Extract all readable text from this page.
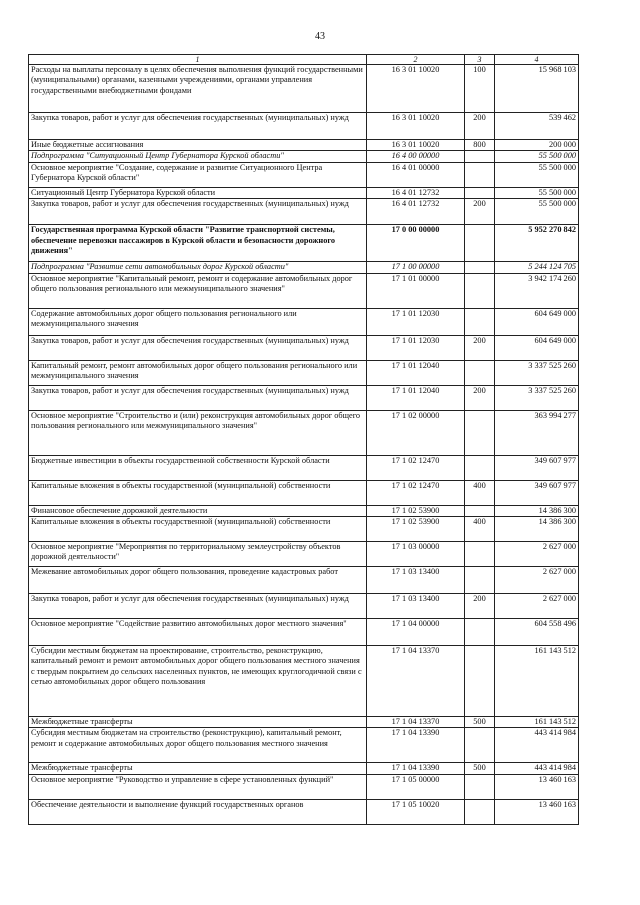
43
1	2	3	4
Расходы на выплаты персоналу в целях обеспечения выполнения функций государственными (муниципальными) органами, казенными учреждениями, органами управления государственными внебюджетными фондами	16 3 01 10020	100	15 968 103
Закупка товаров, работ и услуг для обеспечения государственных (муниципальных) нужд	16 3 01 10020	200	539 462
Иные бюджетные ассигнования	16 3 01 10020	800	200 000
Подпрограмма "Ситуационный Центр Губернатора Курской области"	16 4 00 00000		55 500 000
Основное мероприятие "Создание, содержание и развитие Ситуационного Центра Губернатора Курской области"	16 4 01 00000		55 500 000
Ситуационный Центр Губернатора Курской области	16 4 01 12732		55 500 000
Закупка товаров, работ и услуг для обеспечения государственных (муниципальных) нужд	16 4 01 12732	200	55 500 000
Государственная программа Курской области "Развитие транспортной системы, обеспечение перевозки пассажиров в Курской области и безопасности дорожного движения"	17 0 00 00000		5 952 270 842
Подпрограмма "Развитие сети автомобильных дорог Курской области"	17 1 00 00000		5 244 124 705
Основное мероприятие "Капитальный ремонт, ремонт и содержание автомобильных дорог общего пользования регионального или межмуниципального значения"	17 1 01 00000		3 942 174 260
Содержание автомобильных дорог общего пользования регионального или межмуниципального значения	17 1 01 12030		604 649 000
Закупка товаров, работ и услуг для обеспечения государственных (муниципальных) нужд	17 1 01 12030	200	604 649 000
Капитальный ремонт, ремонт автомобильных дорог общего пользования регионального или межмуниципального значения	17 1 01 12040		3 337 525 260
Закупка товаров, работ и услуг для обеспечения государственных (муниципальных) нужд	17 1 01 12040	200	3 337 525 260
Основное мероприятие "Строительство и (или) реконструкция автомобильных дорог общего пользования регионального или межмуниципального значения"	17 1 02 00000		363 994 277
Бюджетные инвестиции в объекты государственной собственности Курской области	17 1 02 12470		349 607 977
Капитальные вложения в объекты государственной (муниципальной) собственности	17 1 02 12470	400	349 607 977
Финансовое обеспечение дорожной деятельности	17 1 02 53900		14 386 300
Капитальные вложения в объекты государственной (муниципальной) собственности	17 1 02 53900	400	14 386 300
Основное мероприятие "Мероприятия по территориальному землеустройству объектов дорожной деятельности"	17 1 03 00000		2 627 000
Межевание автомобильных дорог общего пользования, проведение кадастровых работ	17 1 03 13400		2 627 000
Закупка товаров, работ и услуг для обеспечения государственных (муниципальных) нужд	17 1 03 13400	200	2 627 000
Основное мероприятие "Содействие развитию автомобильных дорог местного значения"	17 1 04 00000		604 558 496
Субсидии местным бюджетам на проектирование, строительство, реконструкцию, капитальный ремонт и ремонт автомобильных дорог общего пользования местного значения с твердым покрытием до сельских населенных пунктов, не имеющих круглогодичной связи с сетью автомобильных дорог общего пользования	17 1 04 13370		161 143 512
Межбюджетные трансферты	17 1 04 13370	500	161 143 512
Субсидия местным бюджетам на строительство (реконструкцию), капитальный ремонт, ремонт и содержание автомобильных дорог общего пользования местного значения	17 1 04 13390		443 414 984
Межбюджетные трансферты	17 1 04 13390	500	443 414 984
Основное мероприятие "Руководство и управление в сфере установленных функций"	17 1 05 00000		13 460 163
Обеспечение деятельности и выполнение функций государственных органов	17 1 05 10020		13 460 163
